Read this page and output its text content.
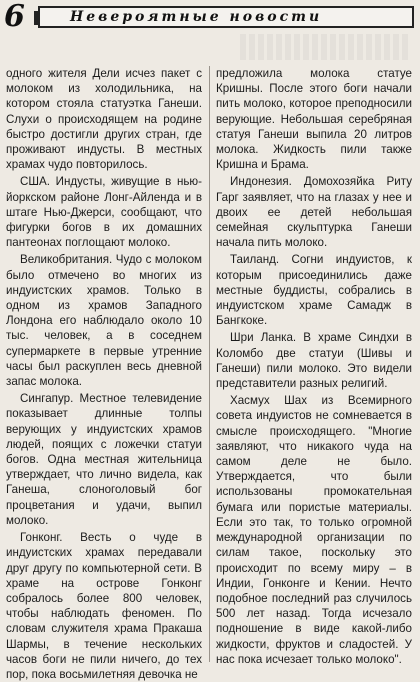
6	Невероятные новости

одного жителя Дели исчез пакет с молоком из холодильника, на котором стояла статуэтка Ганеши. Слухи о происходящем на родине быстро достигли других стран, где проживают индусты. В местных храмах чудо повторилось.

США. Индусты, живущие в нью-йоркском районе Лонг-Айленда и в штаге Нью-Джерси, сообщают, что фигурки богов в их домашних пантеонах поглощают молоко.

Великобритания. Чудо с молоком было отмечено во многих из индуистских храмов. Только в одном из храмов Западного Лондона его наблюдало около 10 тыс. человек, а в соседнем супермаркете в первые утренние часы был раскуплен весь дневной запас молока.

Сингапур. Местное телевидение показывает длинные толпы верующих у индуистских храмов людей, поящих с ложечки статуи богов. Одна местная жительница утверждает, что лично видела, как Ганеша, слоноголовый бог процветания и удачи, выпил молоко.

Гонконг. Весть о чуде в индуистских храмах передавали друг другу по компьютерной сети. В храме на острове Гонконг собралось более 800 человек, чтобы наблюдать феномен. По словам служителя храма Пракаша Шармы, в течение нескольких часов боги не пили ничего, до тех пор, пока восьмилетняя девочка не

предложила молока статуе Кришны. После этого боги начали пить молоко, которое преподносили верующие. Небольшая серебряная статуя Ганеши выпила 20 литров молока. Жидкость пили также Кришна и Брама.

Индонезия. Домохозяйка Риту Гарг заявляет, что на глазах у нее и двоих ее детей небольшая семейная скульптурка Ганеши начала пить молоко.

Таиланд. Согни индуистов, к которым присоединились даже местные буддисты, собрались в индуистском храме Самадж в Бангкоке.

Шри Ланка. В храме Синдхи в Коломбо две статуи (Шивы и Ганеши) пили молоко. Это видели представители разных религий.

Хасмух Шах из Всемирного совета индуистов не сомневается в смысле происходящего. "Многие заявляют, что никакого чуда на самом деле не было. Утверждается, что были использованы промокательная бумага или пористые материалы. Если это так, то только огромной международной организации по силам такое, поскольку это происходит по всему миру – в Индии, Гонконге и Кении. Нечто подобное последний раз случилось 500 лет назад. Тогда исчезало подношение в виде какой-либо жидкости, фруктов и сладостей. У нас пока исчезает только молоко".
